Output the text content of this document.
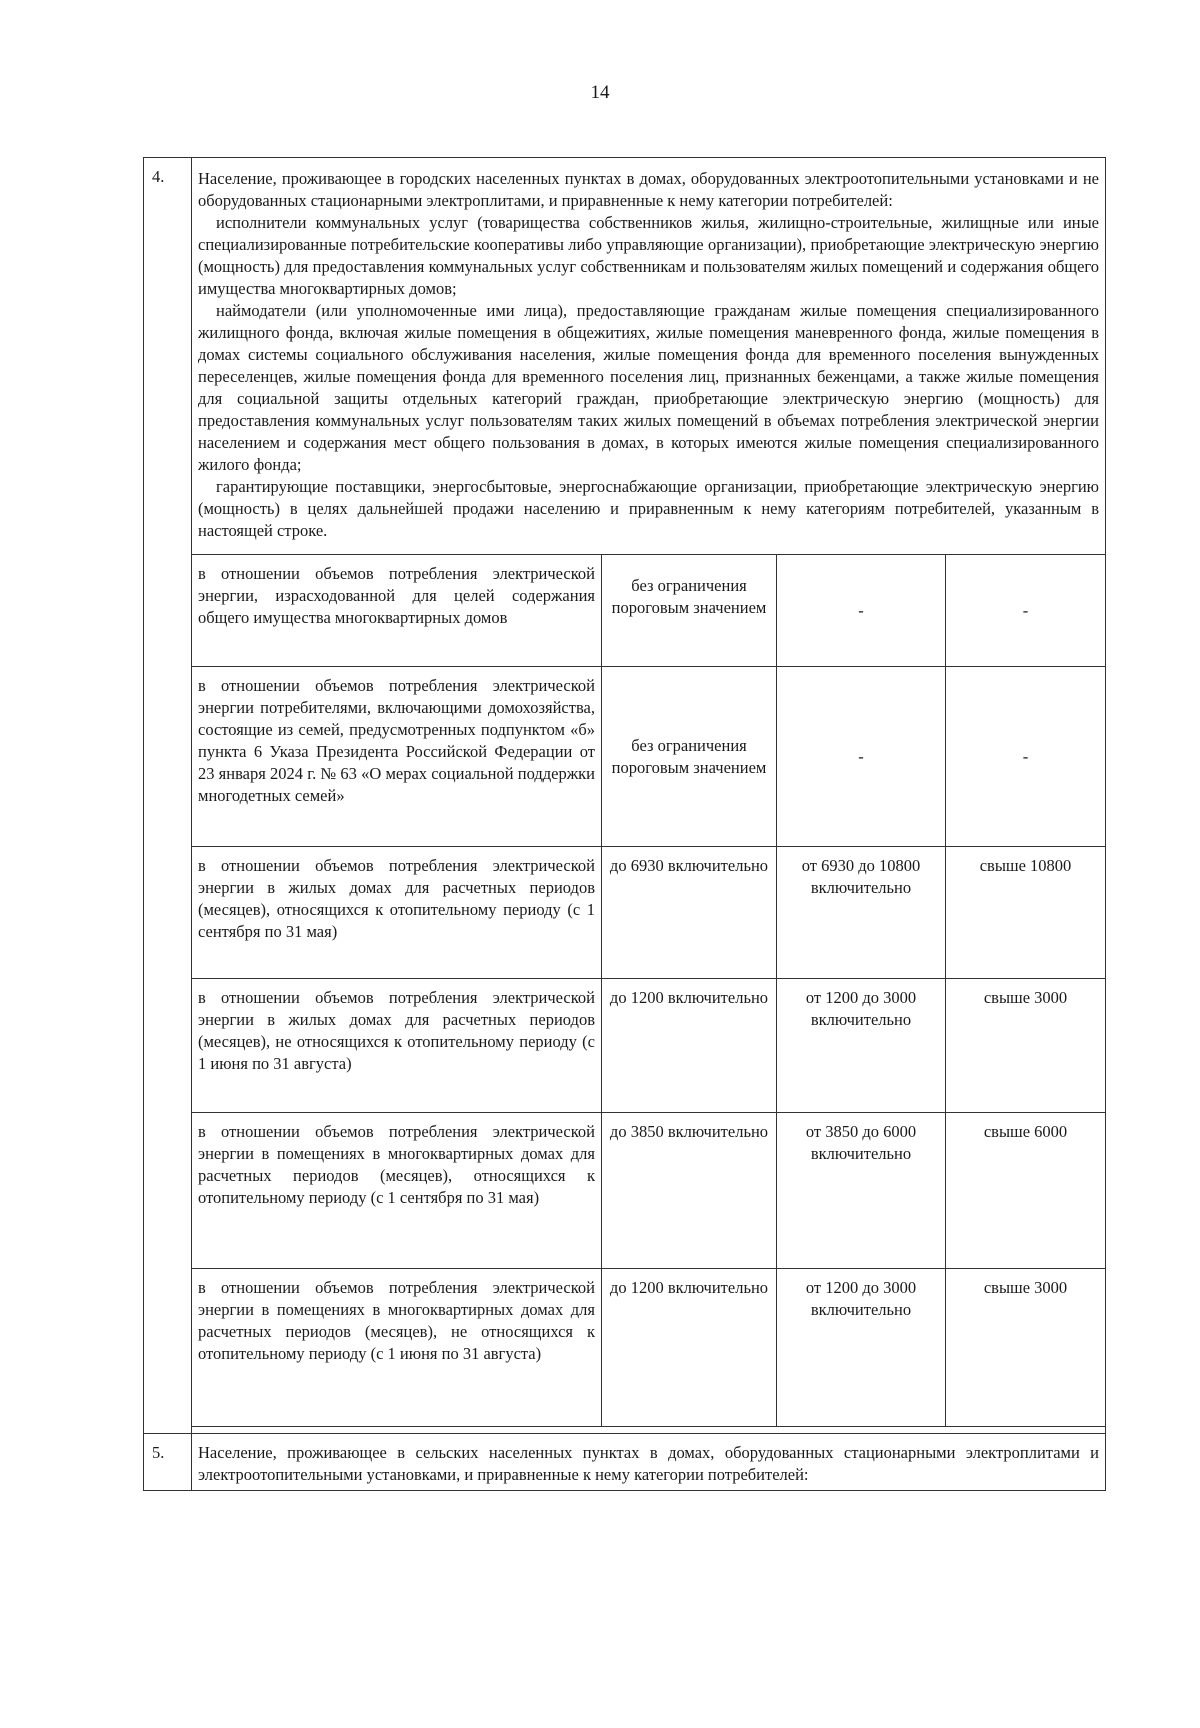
14
4.	Население, проживающее в городских населенных пунктах в домах, оборудованных электроотопительными установками и не оборудованных стационарными электроплитами, и приравненные к нему категории потребителей:

исполнители коммунальных услуг (товарищества собственников жилья, жилищно-строительные, жилищные или иные специализированные потребительские кооперативы либо управляющие организации), приобретающие электрическую энергию (мощность) для предоставления коммунальных услуг собственникам и пользователям жилых помещений и содержания общего имущества многоквартирных домов;

наймодатели (или уполномоченные ими лица), предоставляющие гражданам жилые помещения специализированного жилищного фонда, включая жилые помещения в общежитиях, жилые помещения маневренного фонда, жилые помещения в домах системы социального обслуживания населения, жилые помещения фонда для временного поселения вынужденных переселенцев, жилые помещения фонда для временного поселения лиц, признанных беженцами, а также жилые помещения для социальной защиты отдельных категорий граждан, приобретающие электрическую энергию (мощность) для предоставления коммунальных услуг пользователям таких жилых помещений в объемах потребления электрической энергии населением и содержания мест общего пользования в домах, в которых имеются жилые помещения специализированного жилого фонда;

гарантирующие поставщики, энергосбытовые, энергоснабжающие организации, приобретающие электрическую энергию (мощность) в целях дальнейшей продажи населению и приравненным к нему категориям потребителей, указанным в настоящей строке.			

	в отношении объемов потребления электрической энергии, израсходованной для целей содержания общего имущества многоквартирных домов	без ограничения пороговым значением	-	-
	в отношении объемов потребления электрической энергии потребителями, включающими домохозяйства, состоящие из семей, предусмотренных подпунктом «б» пункта 6 Указа Президента Российской Федерации от 23 января 2024 г. № 63 «О мерах социальной поддержки многодетных семей»	без ограничения пороговым значением	-	-
	в отношении объемов потребления электрической энергии в жилых домах для расчетных периодов (месяцев), относящихся к отопительному периоду (с 1 сентября по 31 мая)	до 6930 включительно	от 6930 до 10800 включительно	свыше 10800
	в отношении объемов потребления электрической энергии в жилых домах для расчетных периодов (месяцев), не относящихся к отопительному периоду (с 1 июня по 31 августа)	до 1200 включительно	от 1200 до 3000 включительно	свыше 3000
	в отношении объемов потребления электрической энергии в помещениях в многоквартирных домах для расчетных периодов (месяцев), относящихся к отопительному периоду (с 1 сентября по 31 мая)	до 3850 включительно	от 3850 до 6000 включительно	свыше 6000
	в отношении объемов потребления электрической энергии в помещениях в многоквартирных домах для расчетных периодов (месяцев), не относящихся к отопительному периоду (с 1 июня по 31 августа)	до 1200 включительно	от 1200 до 3000 включительно	свыше 3000

5.	Население, проживающее в сельских населенных пунктах в домах, оборудованных стационарными электроплитами и электроотопительными установками, и приравненные к нему категории потребителей:			
